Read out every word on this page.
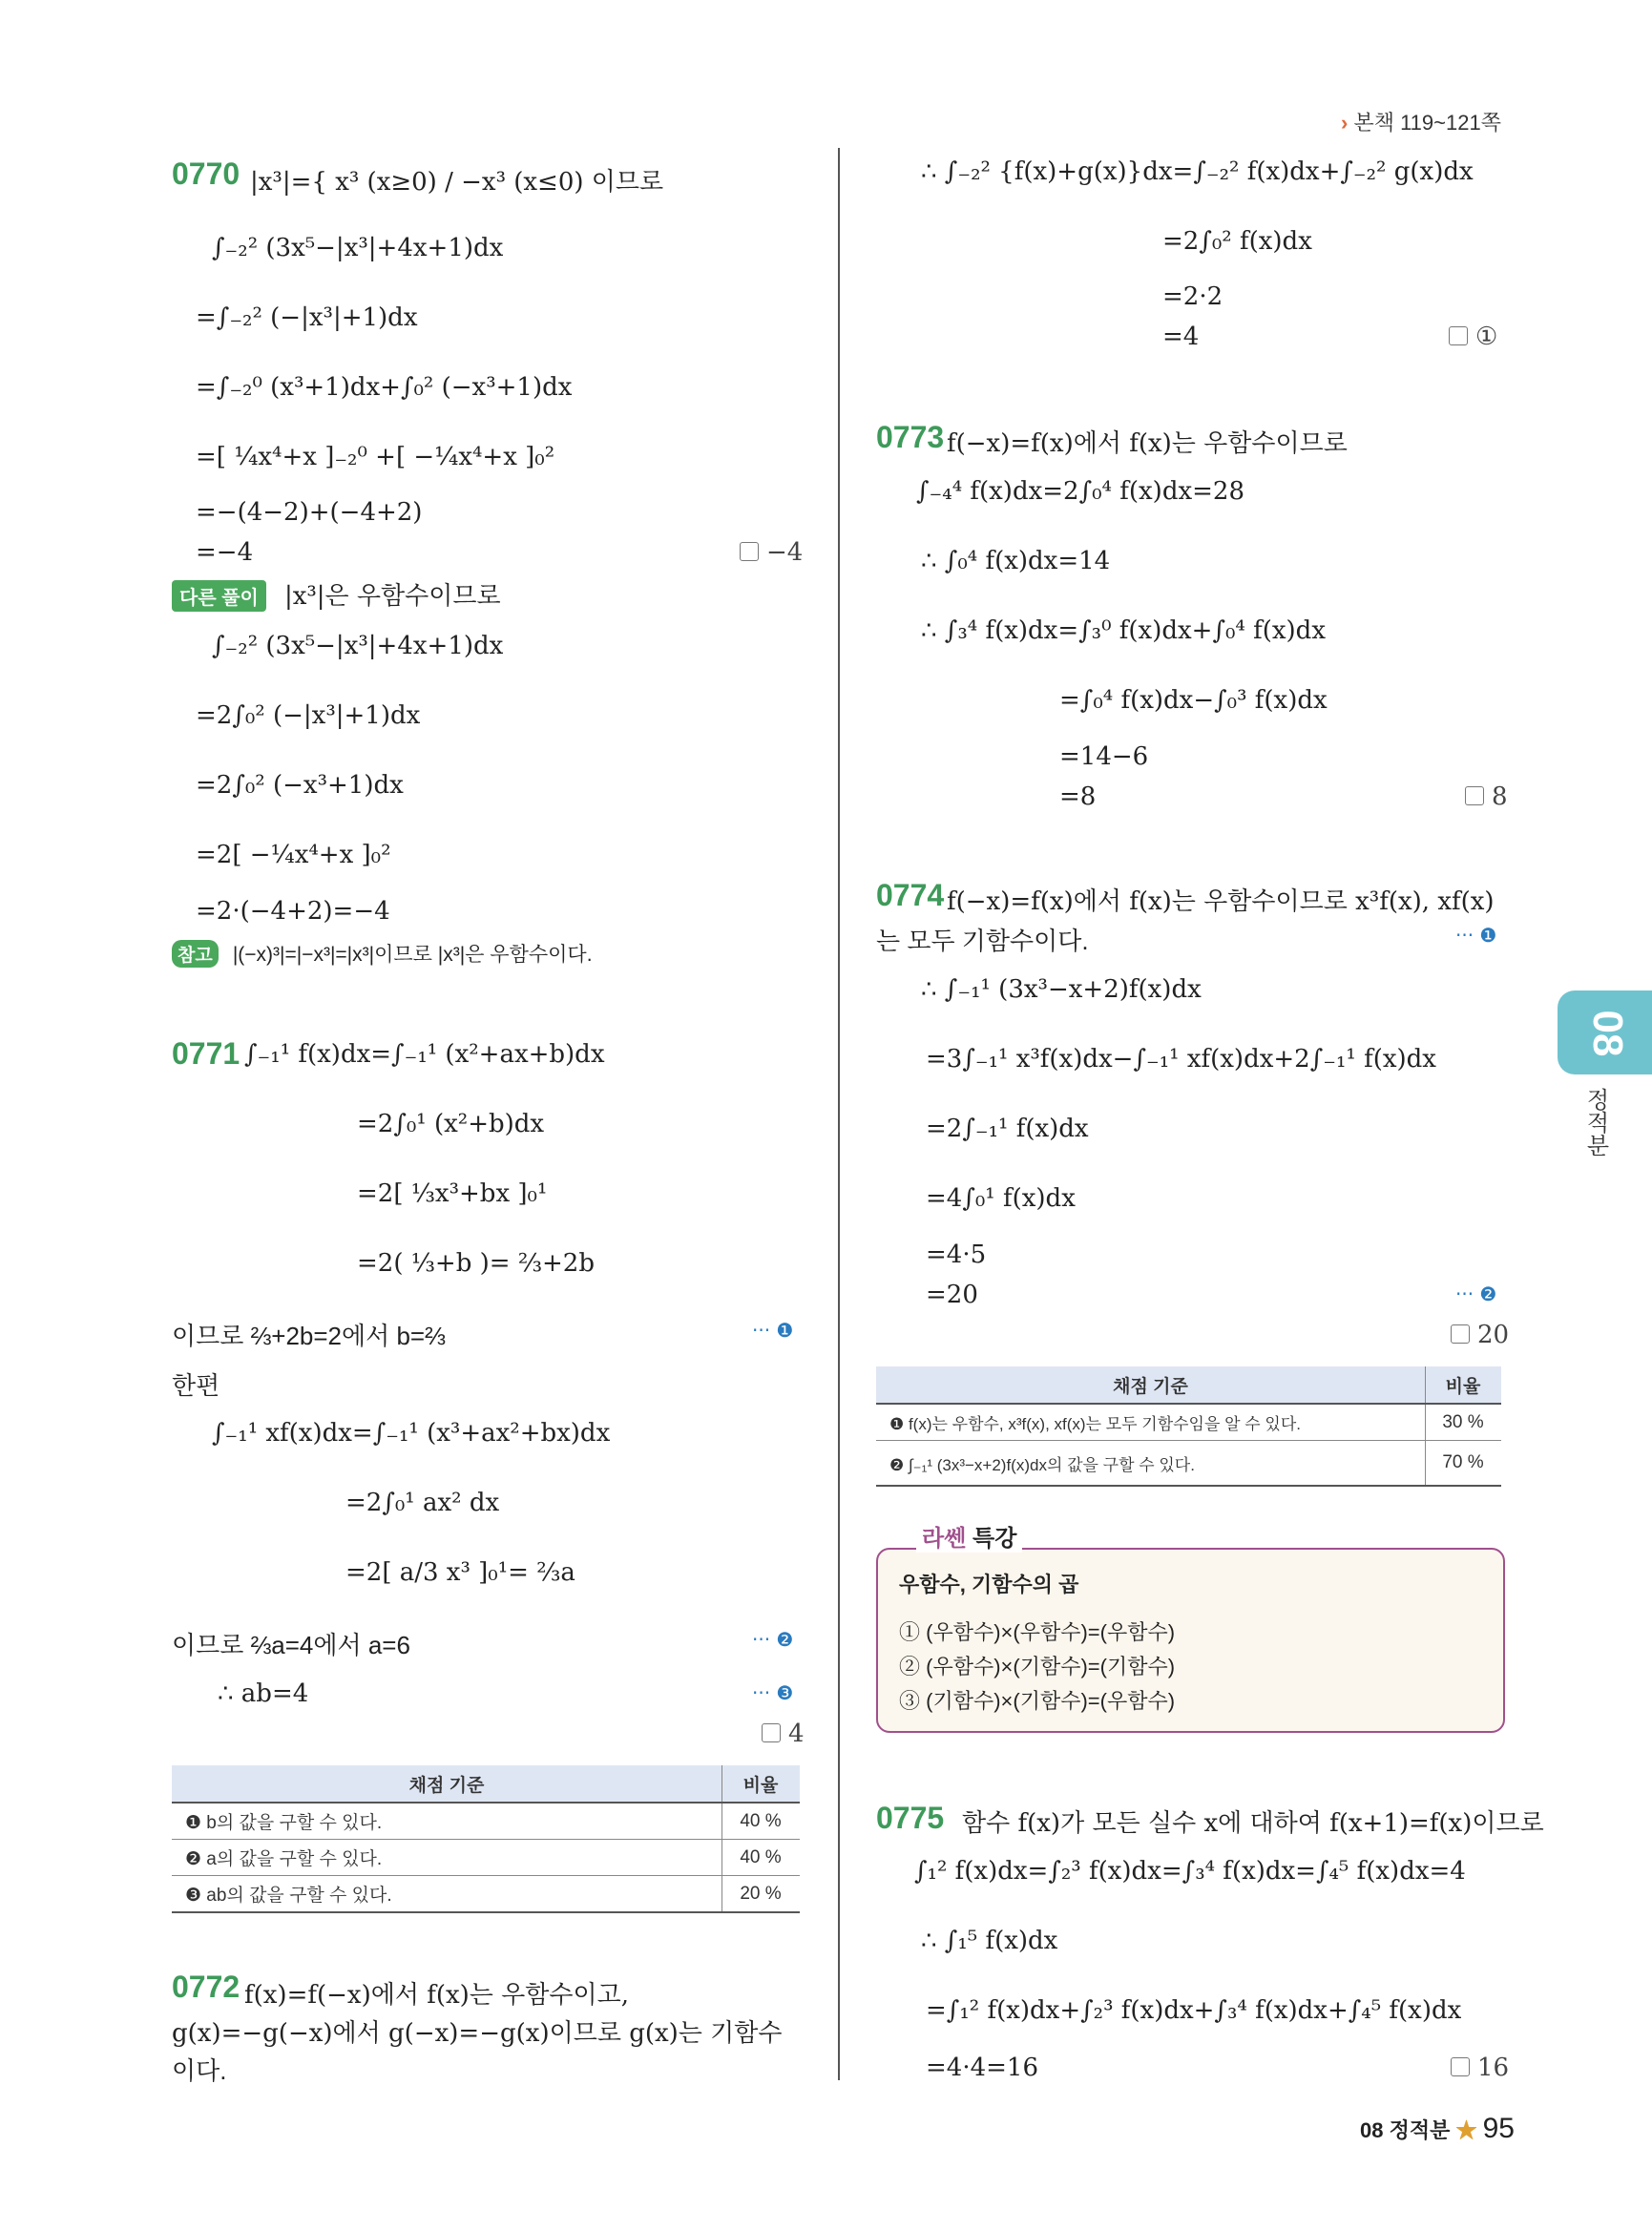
› 본책 119~121쪽
0770 |x³|={ x³ (x≥0) / −x³ (x≤0) 이므로
∫₋₂² (3x⁵−|x³|+4x+1)dx
=∫₋₂² (−|x³|+1)dx
=∫₋₂⁰ (x³+1)dx+∫₀² (−x³+1)dx
=[ ¼x⁴+x ]₋₂⁰ +[ −¼x⁴+x ]₀²
=−(4−2)+(−4+2)
=−4	−4
다른 풀이 |x³|은 우함수이므로
∫₋₂² (3x⁵−|x³|+4x+1)dx
=2∫₀² (−|x³|+1)dx
=2∫₀² (−x³+1)dx
=2[ −¼x⁴+x ]₀²
=2·(−4+2)=−4
참고 |(−x)³|=|−x³|=|x³|이므로 |x³|은 우함수이다.
0771 ∫₋₁¹ f(x)dx=∫₋₁¹ (x²+ax+b)dx
=2∫₀¹ (x²+b)dx
=2[ ⅓x³+bx ]₀¹
=2( ⅓+b )= ⅔+2b
이므로 ⅔+2b=2에서 b=⅔	··· ❶
한편
∫₋₁¹ xf(x)dx=∫₋₁¹ (x³+ax²+bx)dx
=2∫₀¹ ax² dx
=2[ a/3 x³ ]₀¹= ⅔a
이므로 ⅔a=4에서 a=6	··· ❷
∴ ab=4	··· ❸
4
채점 기준	비율
❶ b의 값을 구할 수 있다.	40 %
❷ a의 값을 구할 수 있다.	40 %
❸ ab의 값을 구할 수 있다.	20 %
0772 f(x)=f(−x)에서 f(x)는 우함수이고,
g(x)=−g(−x)에서 g(−x)=−g(x)이므로 g(x)는 기함수
이다.
∴ ∫₋₂² {f(x)+g(x)}dx=∫₋₂² f(x)dx+∫₋₂² g(x)dx
=2∫₀² f(x)dx
=2·2
=4	①
0773 f(−x)=f(x)에서 f(x)는 우함수이므로
∫₋₄⁴ f(x)dx=2∫₀⁴ f(x)dx=28
∴ ∫₀⁴ f(x)dx=14
∴ ∫₃⁴ f(x)dx=∫₃⁰ f(x)dx+∫₀⁴ f(x)dx
=∫₀⁴ f(x)dx−∫₀³ f(x)dx
=14−6
=8	8
0774 f(−x)=f(x)에서 f(x)는 우함수이므로 x³f(x), xf(x)
는 모두 기함수이다.	··· ❶
∴ ∫₋₁¹ (3x³−x+2)f(x)dx
=3∫₋₁¹ x³f(x)dx−∫₋₁¹ xf(x)dx+2∫₋₁¹ f(x)dx
=2∫₋₁¹ f(x)dx
=4∫₀¹ f(x)dx
=4·5
=20	··· ❷
20
채점 기준	비율
❶ f(x)는 우함수, x³f(x), xf(x)는 모두 기함수임을 알 수 있다.	30 %
❷ ∫₋₁¹ (3x³−x+2)f(x)dx의 값을 구할 수 있다.	70 %
우함수, 기함수의 곱
① (우함수)×(우함수)=(우함수)
② (우함수)×(기함수)=(기함수)
③ (기함수)×(기함수)=(우함수)
라쎈 특강
0775 함수 f(x)가 모든 실수 x에 대하여 f(x+1)=f(x)이므로
∫₁² f(x)dx=∫₂³ f(x)dx=∫₃⁴ f(x)dx=∫₄⁵ f(x)dx=4
∴ ∫₁⁵ f(x)dx
=∫₁² f(x)dx+∫₂³ f(x)dx+∫₃⁴ f(x)dx+∫₄⁵ f(x)dx
=4·4=16	16
08
정적분
08 정적분 ★ 95
